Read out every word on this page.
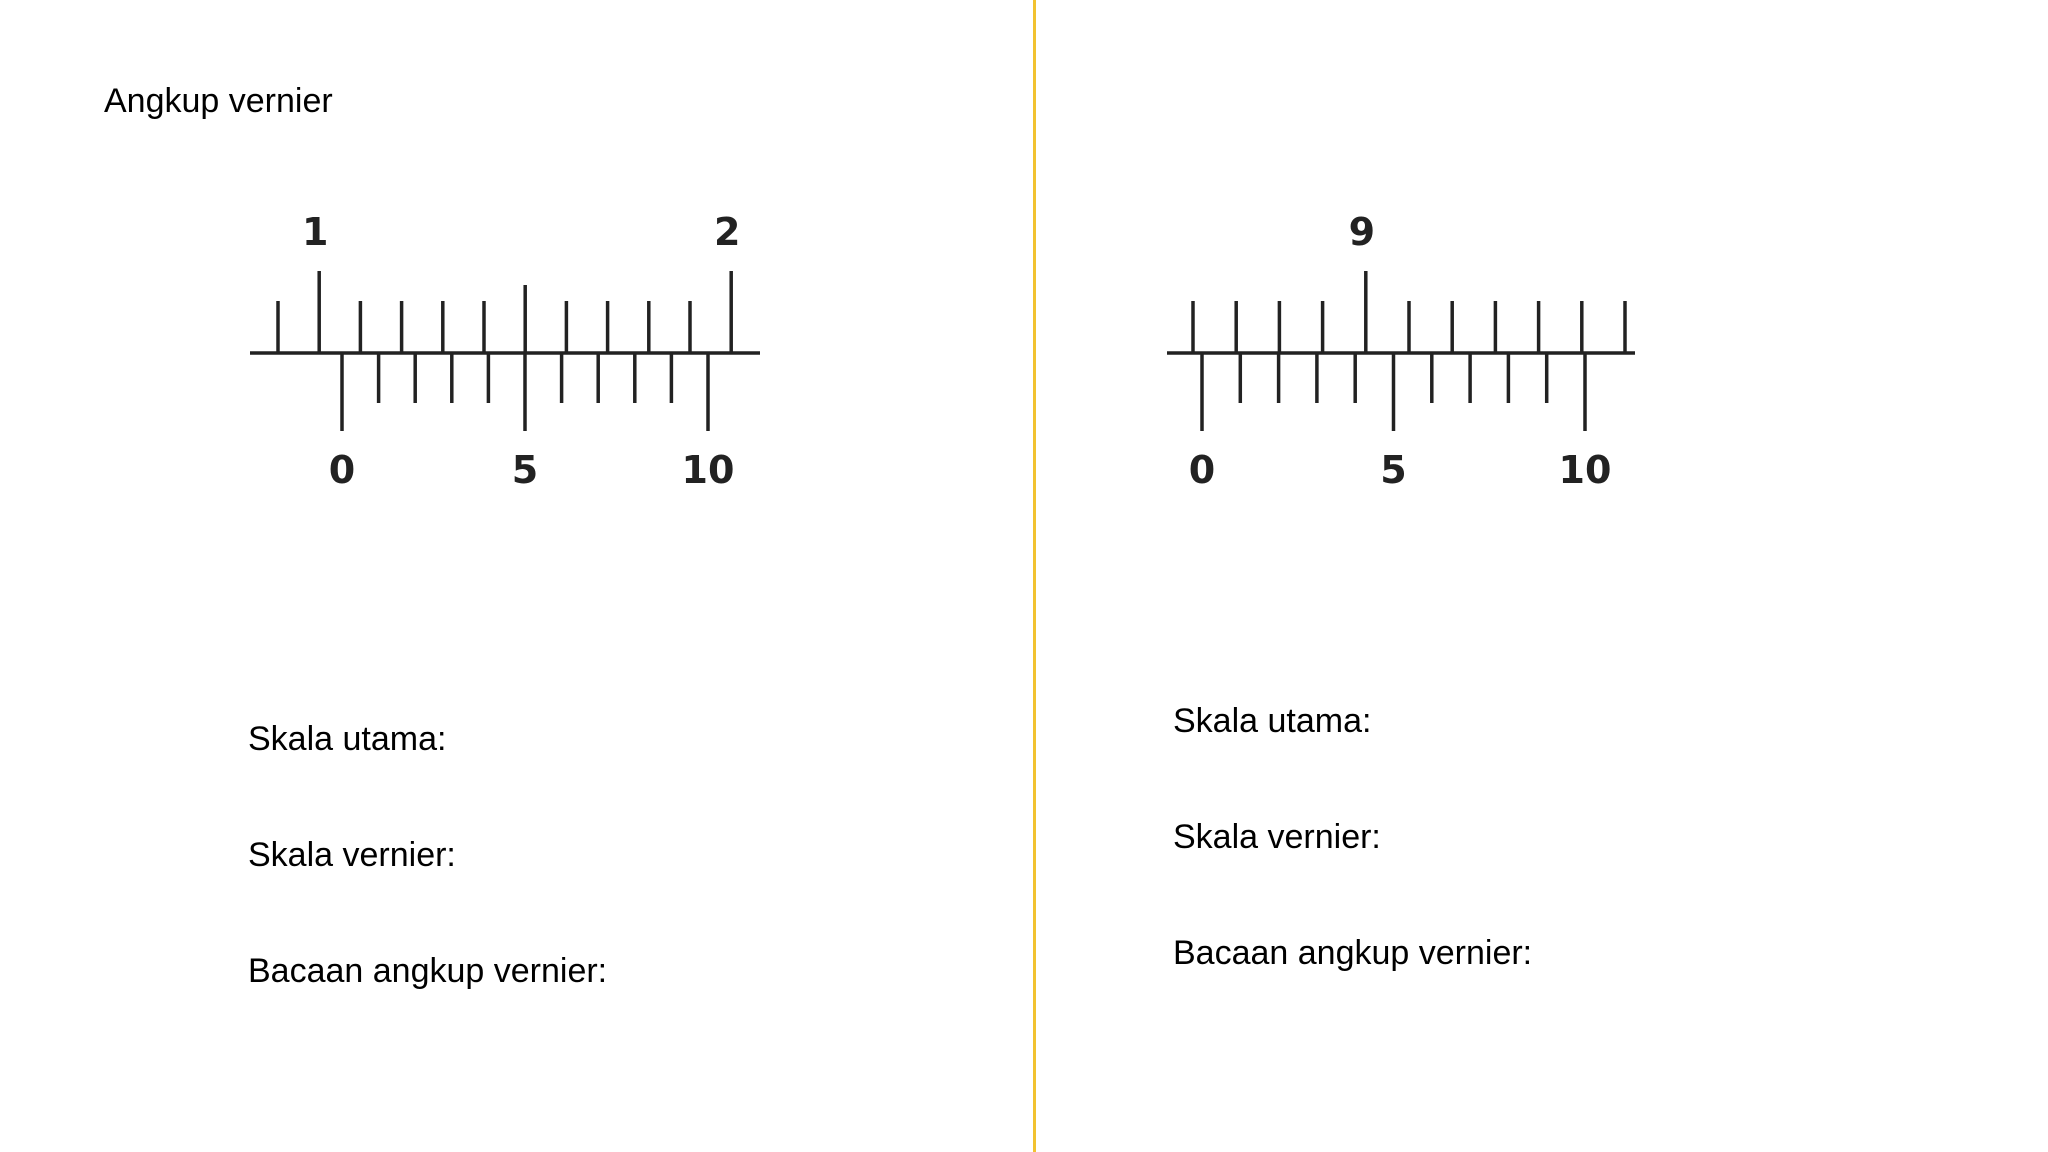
Angkup vernier
1	2
0	5	10
9
0	5	10
Skala utama:
Skala vernier:
Bacaan angkup vernier:
Skala utama:
Skala vernier:
Bacaan angkup vernier:
